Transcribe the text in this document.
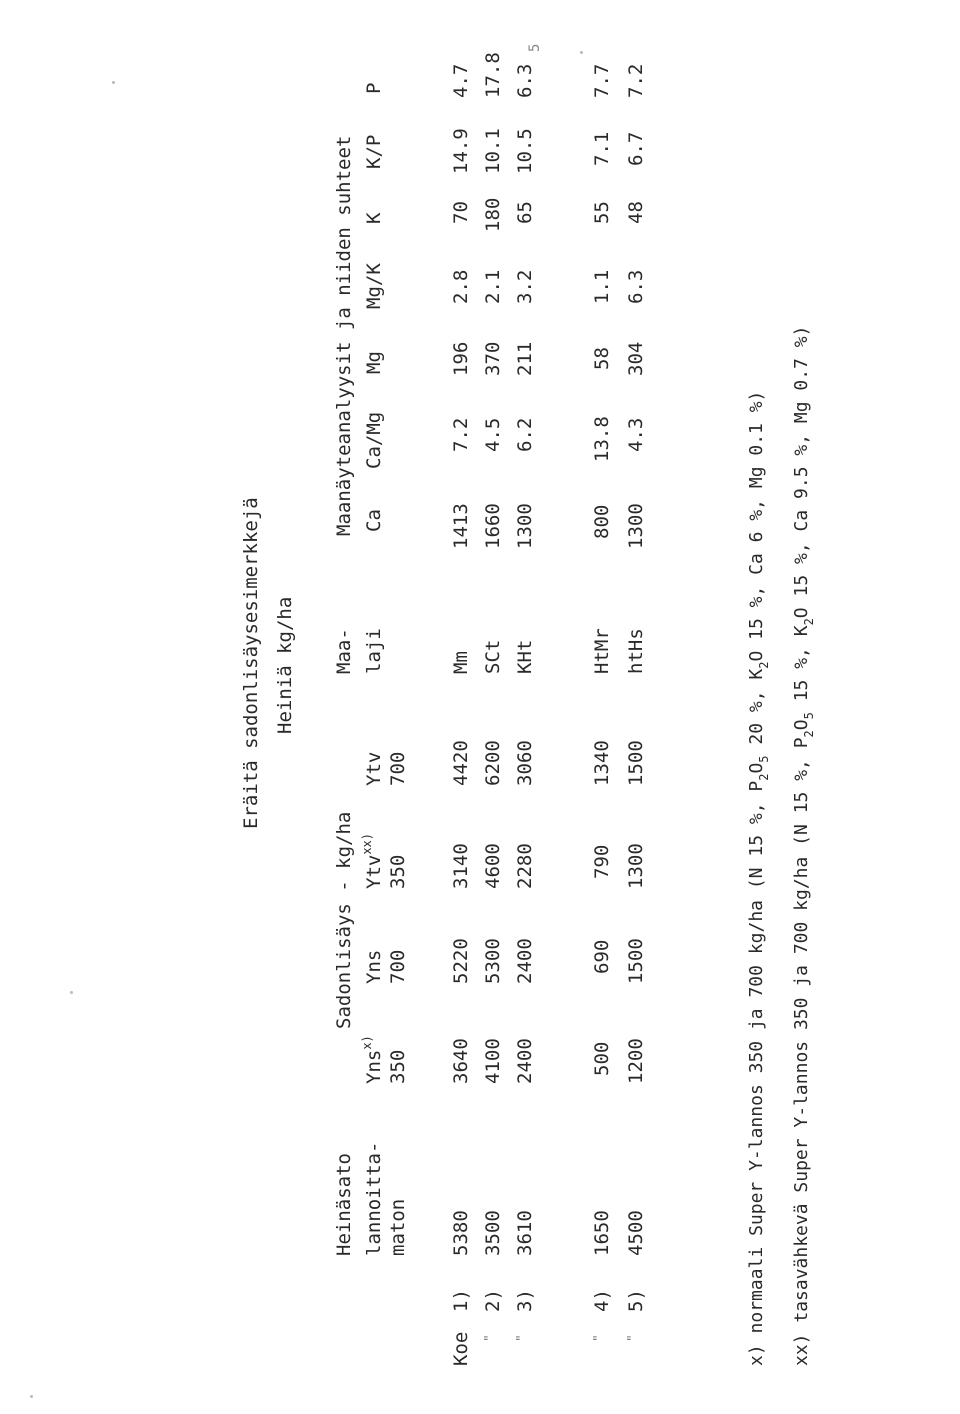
Eräitä sadonlisäysesimerkkejä Heiniä kg/ha
5
Heinäsato lannoitta- maton
Sadonlisäys - kg/ha
Yns$^{x)}$
Yns
Ytv$^{xx)}$
Ytv
350
700
350
700
Maa- laji
Maanäyteanalyysit ja niiden suhteet Ca
Ca/Mg
Mg
Mg/K
K
K/P
P
Koe
1)
5380
3640
5220
3140
4420
Mm
1413
7.2
196
2.8
70
14.9
4.7
"
2)
3500
4100
5300
4600
6200
SCt
1660
4.5
370
2.1
180
10.1
17.8
"
3)
3610
2400
2400
2280
3060
KHt
1300
6.2
211
3.2
65
10.5
6.3
"
4)
1650
500
690
790
1340
HtMr
800
13.8
58
1.1
55
7.1
7.7
"
5)
4500
1200
1500
1300
1500
htHs
1300
4.3
304
6.3
48
6.7
7.2
x) normaali Super Y-lannos 350 ja 700 kg/ha (N 15 %, $P_2O_5$ 20 %, $K_2O$ 15 %, Ca 6 %, Mg 0.1 %)
xx) tasavähkevä Super Y-lannos 350 ja 700 kg/ha (N 15 %, $P_2O_5$ 15 %, $K_2O$ 15 %, Ca 9.5 %, Mg 0.7 %)
